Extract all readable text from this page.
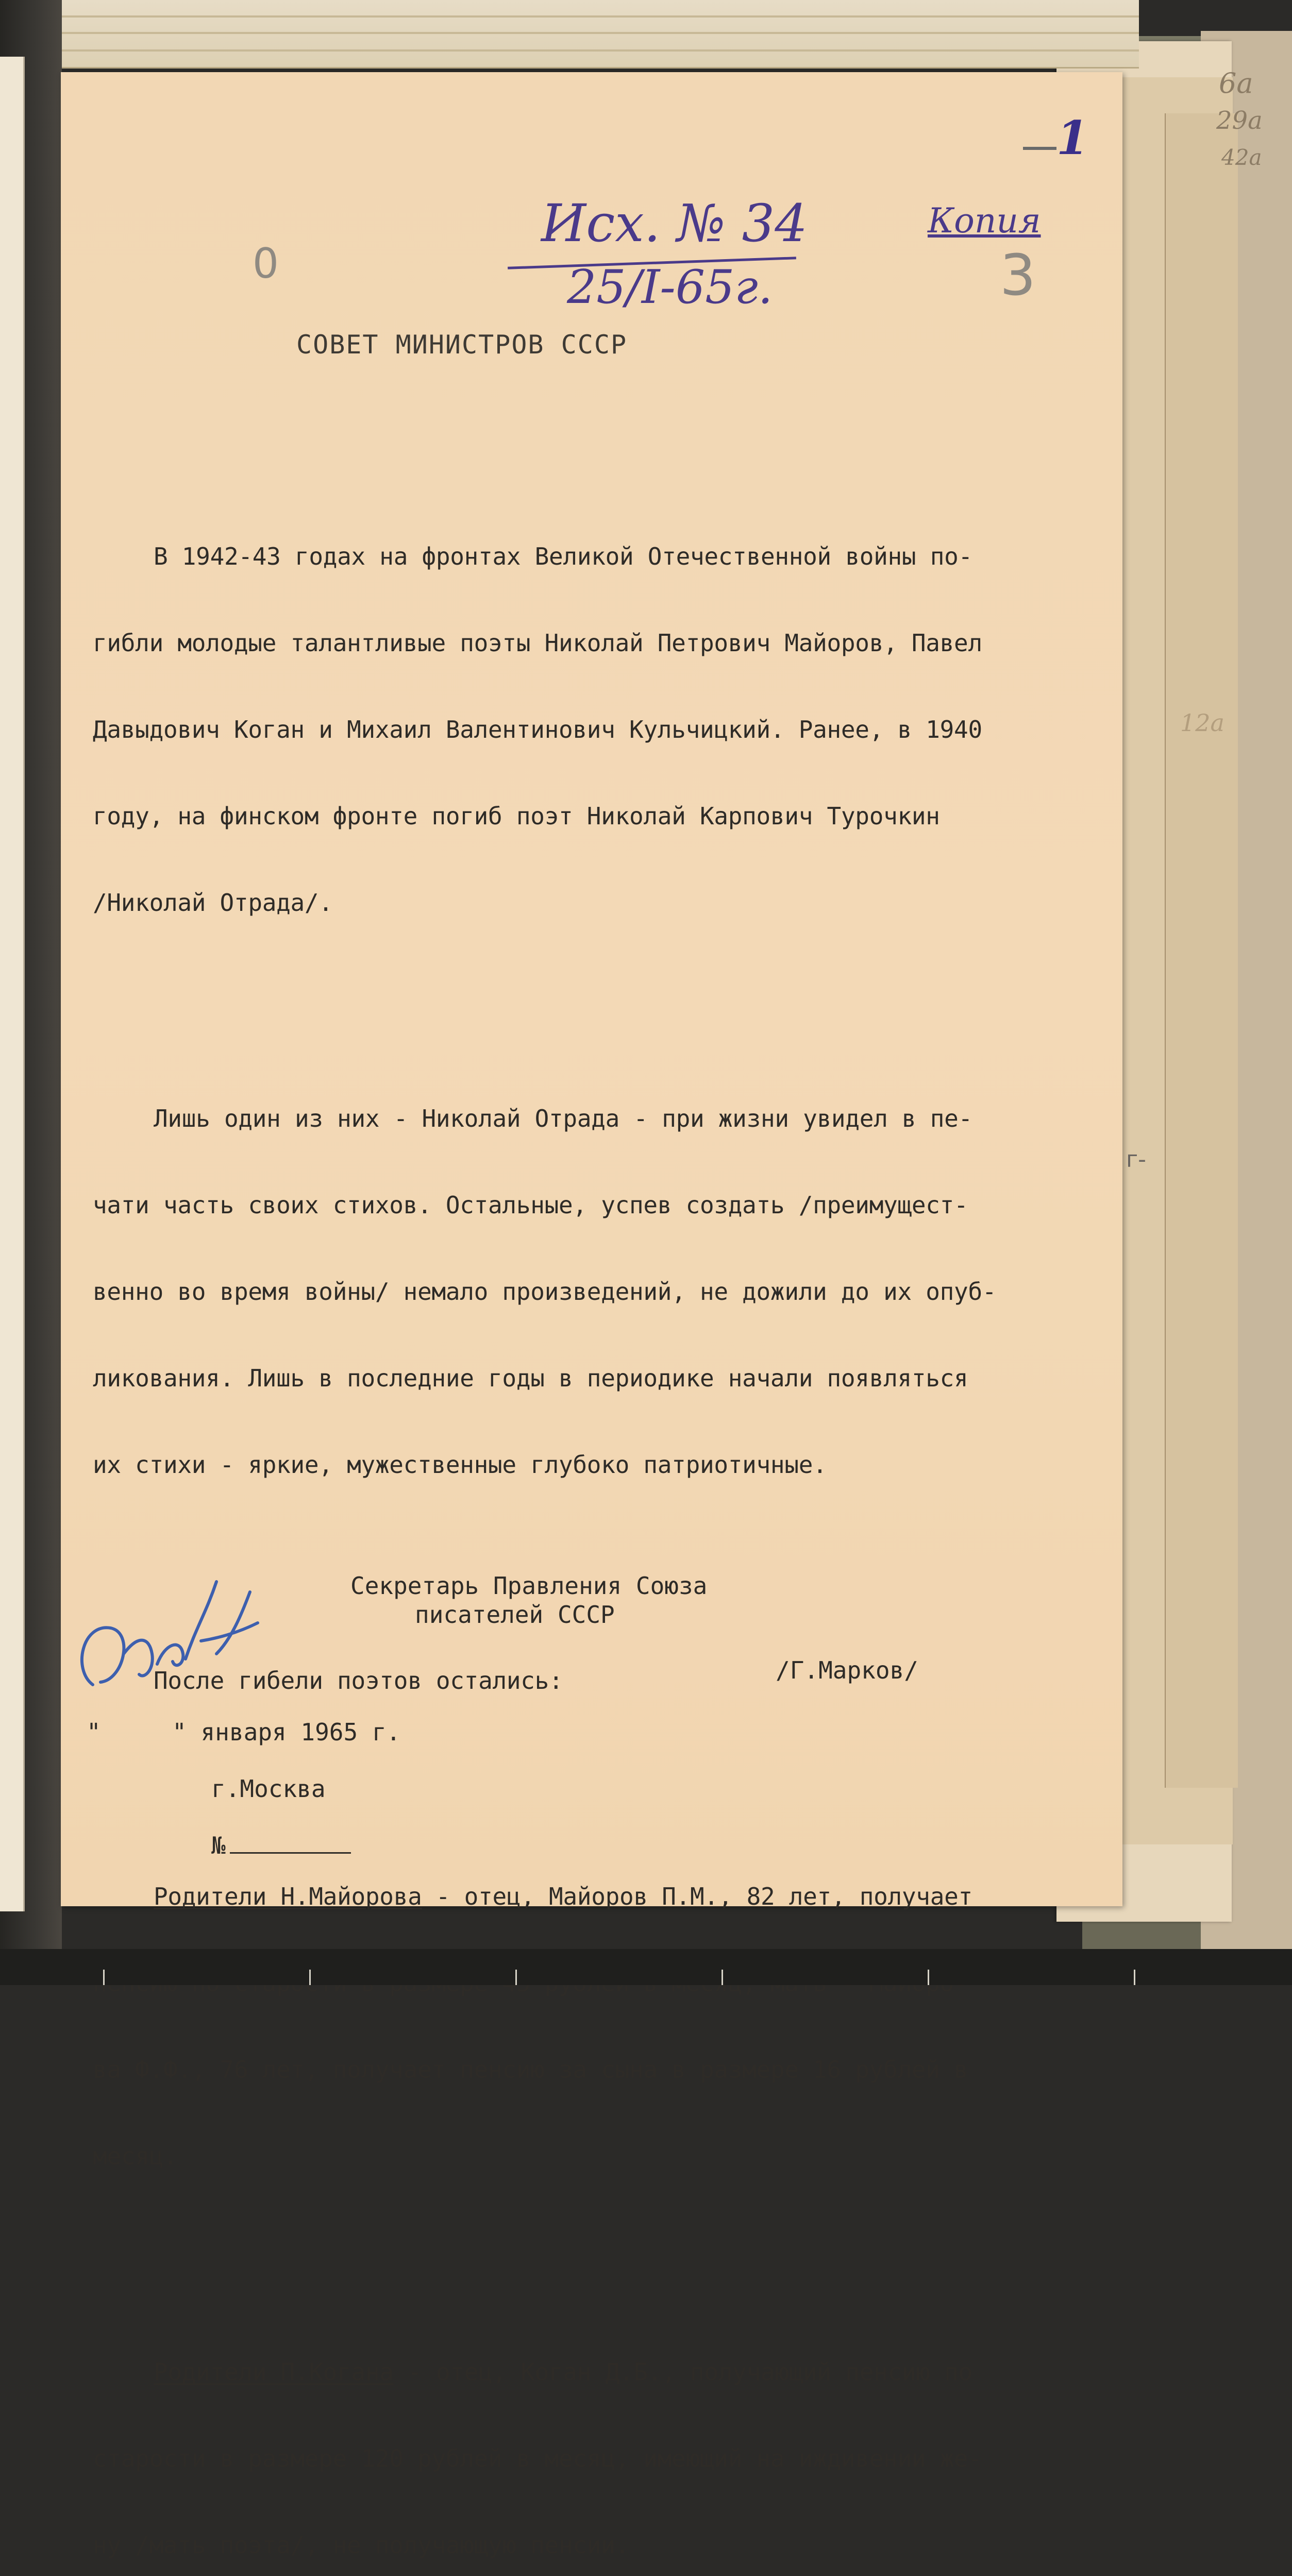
6а
29а
42а
12а
1
3
0
Исх. № 34
25/I-65г.
Копия
СОВЕТ МИНИСТРОВ СССР

В 1942-43 годах на фронтах Великой Отечественной войны по-

гибли молодые талантливые поэты Николай Петрович Майоров, Павел

Давыдович Коган и Михаил Валентинович Кульчицкий. Ранее, в 1940

году, на финском фронте погиб поэт Николай Карпович Турочкин

/Николай Отрада/.

Лишь один из них - Николай Отрада - при жизни увидел в пе-

чати часть своих стихов. Остальные, успев создать /преимущест-

венно во время войны/ немало произведений, не дожили до их опуб-

ликования. Лишь в последние годы в периодике начали появляться

их стихи - яркие, мужественные глубоко патриотичные.

После гибели поэтов остались:

Родители Н.Майорова - отец, Майоров П.М., 82 лет, получает

ва Ф.Ф., 76 лет, получает пенсию за сына в размере 16 рублей в

месяц.

Родители П.Когана - отец, Коган Д.Б., получающий пенсию по

старости в размере 120 рублей в месяц, имеющий на иждивении же-

ну /мать поэта/, не получающую пенсии.

г-
Секретарь Правления Союза
писателей СССР
/Г.Марков/
"     " января 1965 г.
г.Москва
№
